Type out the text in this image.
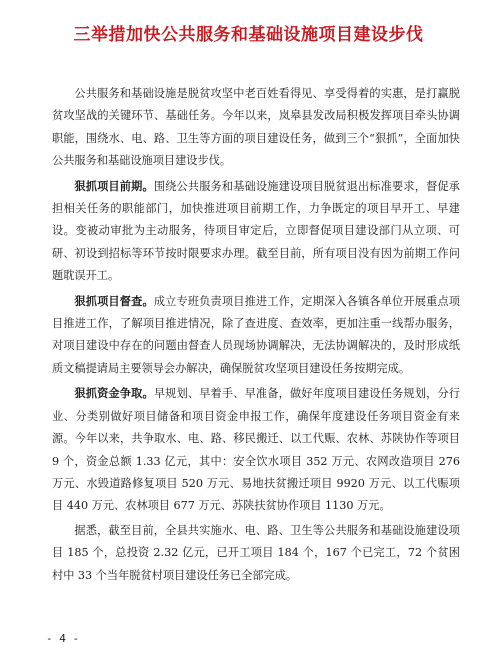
三举措加快公共服务和基础设施项目建设步伐

公共服务和基础设施是脱贫攻坚中老百姓看得见、享受得着的实惠，是打赢脱贫攻坚战的关键环节、基础任务。今年以来，岚皋县发改局积极发挥项目牵头协调职能，围绕水、电、路、卫生等方面的项目建设任务，做到三个“狠抓”，全面加快公共服务和基础设施项目建设步伐。

狠抓项目前期。围绕公共服务和基础设施建设项目脱贫退出标准要求，督促承担相关任务的职能部门，加快推进项目前期工作，力争既定的项目早开工、早建设。变被动审批为主动服务，待项目审定后，立即督促项目建设部门从立项、可研、初设到招标等环节按时限要求办理。截至目前，所有项目没有因为前期工作问题耽误开工。

狠抓项目督查。成立专班负责项目推进工作，定期深入各镇各单位开展重点项目推进工作，了解项目推进情况，除了查进度、查效率，更加注重一线帮办服务，对项目建设中存在的问题由督查人员现场协调解决，无法协调解决的，及时形成纸质文稿提请局主要领导会办解决，确保脱贫攻坚项目建设任务按期完成。

狠抓资金争取。早规划、早着手、早准备，做好年度项目建设任务规划，分行业、分类别做好项目储备和项目资金申报工作，确保年度建设任务项目资金有来源。今年以来，共争取水、电、路、移民搬迁、以工代赈、农林、苏陕协作等项目 9 个，资金总额 1.33 亿元，其中：安全饮水项目 352 万元、农网改造项目 276 万元、水毁道路修复项目 520 万元、易地扶贫搬迁项目 9920 万元、以工代赈项目 440 万元、农林项目 677 万元、苏陕扶贫协作项目 1130 万元。

据悉，截至目前，全县共实施水、电、路、卫生等公共服务和基础设施建设项目 185 个，总投资 2.32 亿元，已开工项目 184 个，167 个已完工，72 个贫困村中 33 个当年脱贫村项目建设任务已全部完成。

- 4 -
